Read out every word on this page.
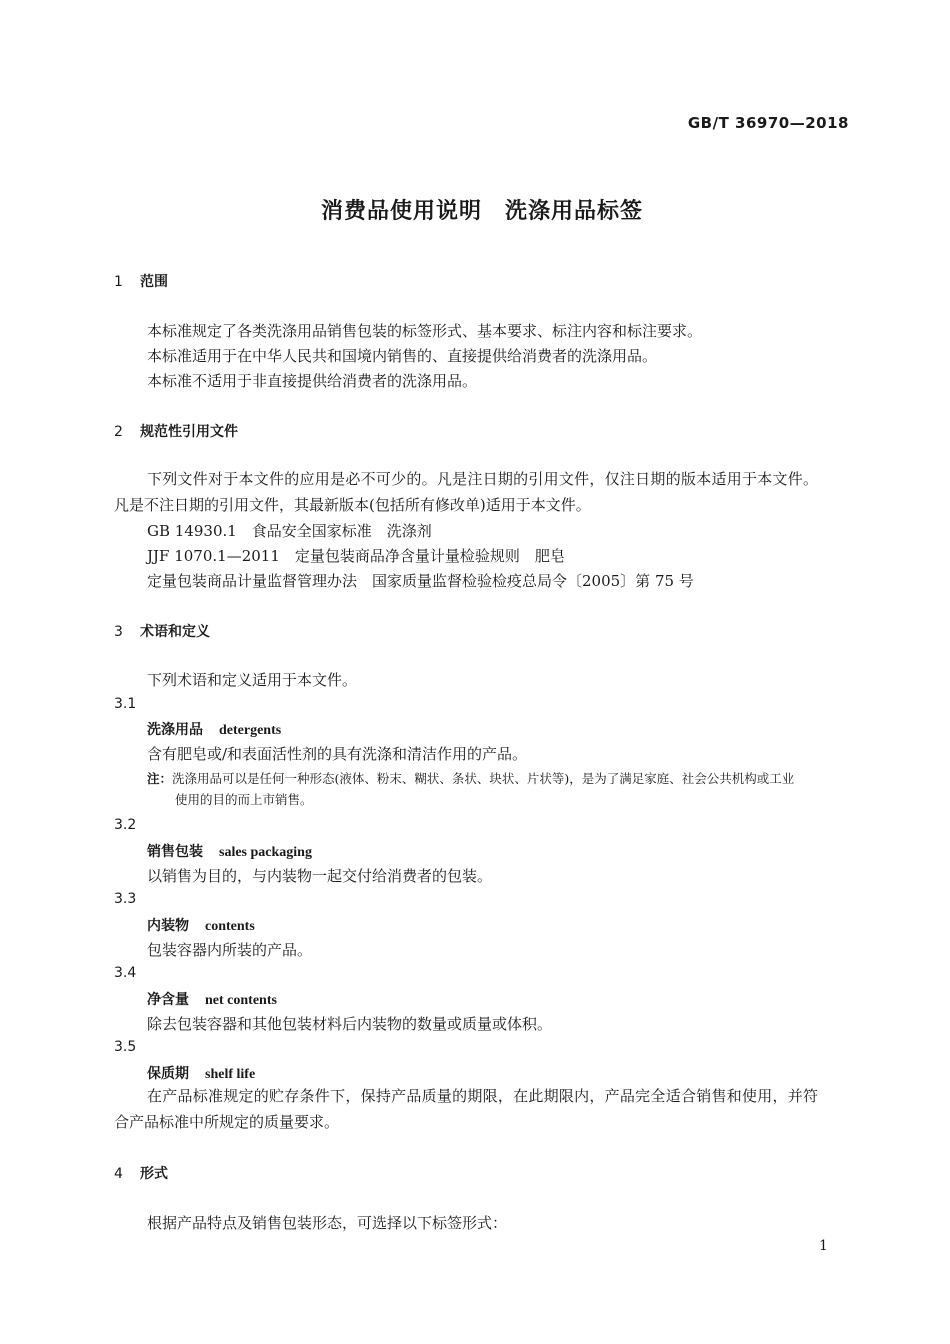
GB/T 36970—2018
消费品使用说明　洗涤用品标签
1 范围
本标准规定了各类洗涤用品销售包装的标签形式、基本要求、标注内容和标注要求。
本标准适用于在中华人民共和国境内销售的、直接提供给消费者的洗涤用品。
本标准不适用于非直接提供给消费者的洗涤用品。
2 规范性引用文件
下列文件对于本文件的应用是必不可少的。凡是注日期的引用文件，仅注日期的版本适用于本文件。凡是不注日期的引用文件，其最新版本(包括所有修改单)适用于本文件。
GB 14930.1　食品安全国家标准　洗涤剂
JJF 1070.1—2011　定量包装商品净含量计量检验规则　肥皂
定量包装商品计量监督管理办法　国家质量监督检验检疫总局令〔2005〕第 75 号
3 术语和定义
下列术语和定义适用于本文件。
3.1
洗涤用品 detergents
含有肥皂或/和表面活性剂的具有洗涤和清洁作用的产品。
注：洗涤用品可以是任何一种形态(液体、粉末、糊状、条状、块状、片状等)，是为了满足家庭、社会公共机构或工业
使用的目的而上市销售。
3.2
销售包装 sales packaging
以销售为目的，与内装物一起交付给消费者的包装。
3.3
内装物 contents
包装容器内所装的产品。
3.4
净含量 net contents
除去包装容器和其他包装材料后内装物的数量或质量或体积。
3.5
保质期 shelf life
在产品标准规定的贮存条件下，保持产品质量的期限，在此期限内，产品完全适合销售和使用，并符合产品标准中所规定的质量要求。
4 形式
根据产品特点及销售包装形态，可选择以下标签形式：
1
